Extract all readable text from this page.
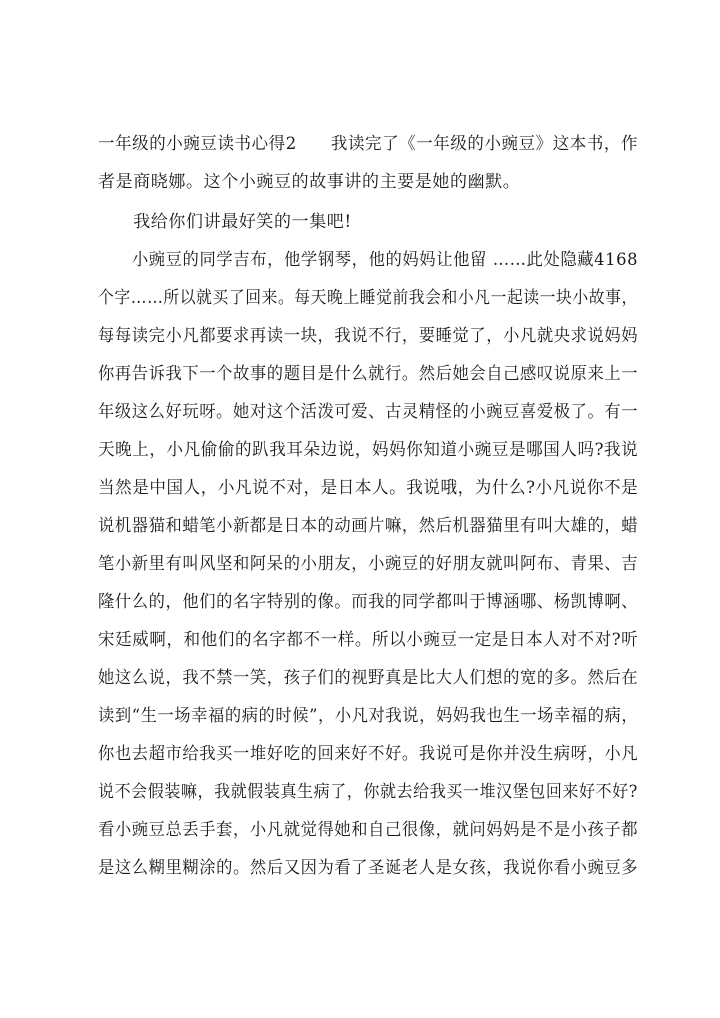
一年级的小豌豆读书心得2　　我读完了《一年级的小豌豆》这本书，作
者是商晓娜。这个小豌豆的故事讲的主要是她的幽默。
　　我给你们讲最好笑的一集吧!
　　小豌豆的同学吉布，他学钢琴，他的妈妈让他留 ……此处隐藏4168
个字……所以就买了回来。每天晚上睡觉前我会和小凡一起读一块小故事，
每每读完小凡都要求再读一块，我说不行，要睡觉了，小凡就央求说妈妈
你再告诉我下一个故事的题目是什么就行。然后她会自己感叹说原来上一
年级这么好玩呀。她对这个活泼可爱、古灵精怪的小豌豆喜爱极了。有一
天晚上，小凡偷偷的趴我耳朵边说，妈妈你知道小豌豆是哪国人吗?我说
当然是中国人，小凡说不对，是日本人。我说哦，为什么?小凡说你不是
说机器猫和蜡笔小新都是日本的动画片嘛，然后机器猫里有叫大雄的，蜡
笔小新里有叫风坚和阿呆的小朋友，小豌豆的好朋友就叫阿布、青果、吉
隆什么的，他们的名字特别的像。而我的同学都叫于博涵哪、杨凯博啊、
宋廷威啊，和他们的名字都不一样。所以小豌豆一定是日本人对不对?听
她这么说，我不禁一笑，孩子们的视野真是比大人们想的宽的多。然后在
读到“生一场幸福的病的时候”，小凡对我说，妈妈我也生一场幸福的病，
你也去超市给我买一堆好吃的回来好不好。我说可是你并没生病呀，小凡
说不会假装嘛，我就假装真生病了，你就去给我买一堆汉堡包回来好不好?
看小豌豆总丢手套，小凡就觉得她和自己很像，就问妈妈是不是小孩子都
是这么糊里糊涂的。然后又因为看了圣诞老人是女孩，我说你看小豌豆多
